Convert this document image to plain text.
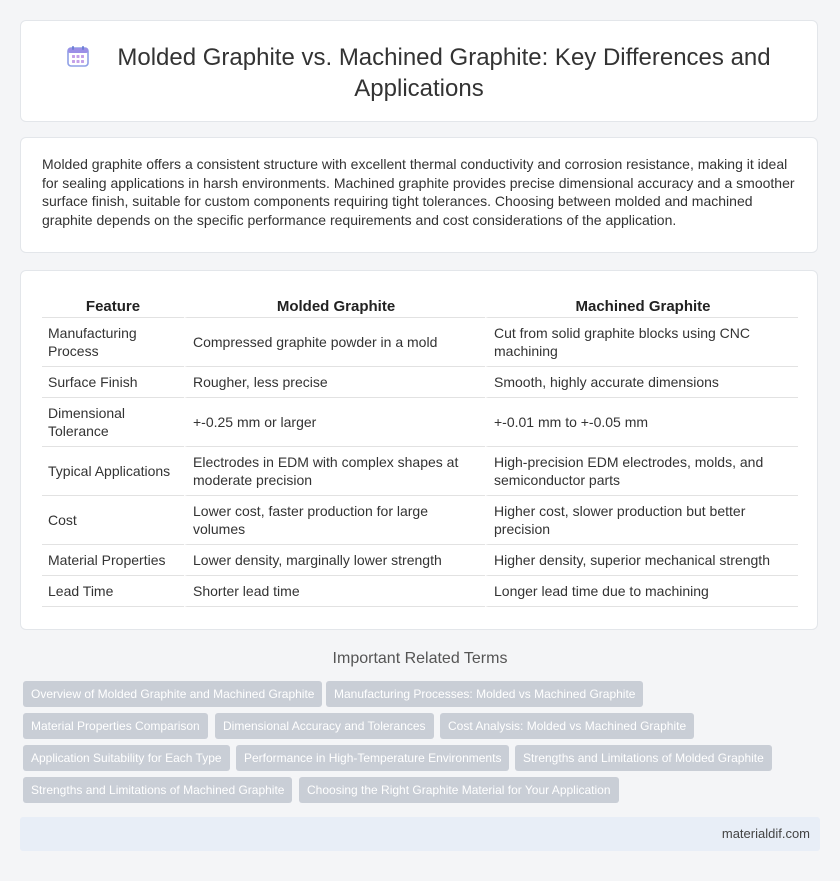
Molded Graphite vs. Machined Graphite: Key Differences and Applications
Molded graphite offers a consistent structure with excellent thermal conductivity and corrosion resistance, making it ideal for sealing applications in harsh environments. Machined graphite provides precise dimensional accuracy and a smoother surface finish, suitable for custom components requiring tight tolerances. Choosing between molded and machined graphite depends on the specific performance requirements and cost considerations of the application.
Feature	Molded Graphite	Machined Graphite
Manufacturing Process	Compressed graphite powder in a mold	Cut from solid graphite blocks using CNC machining
Surface Finish	Rougher, less precise	Smooth, highly accurate dimensions
Dimensional Tolerance	+-0.25 mm or larger	+-0.01 mm to +-0.05 mm
Typical Applications	Electrodes in EDM with complex shapes at moderate precision	High-precision EDM electrodes, molds, and semiconductor parts
Cost	Lower cost, faster production for large volumes	Higher cost, slower production but better precision
Material Properties	Lower density, marginally lower strength	Higher density, superior mechanical strength
Lead Time	Shorter lead time	Longer lead time due to machining
Important Related Terms
Overview of Molded Graphite and Machined Graphite	Manufacturing Processes: Molded vs Machined Graphite
Material Properties Comparison	Dimensional Accuracy and Tolerances	Cost Analysis: Molded vs Machined Graphite
Application Suitability for Each Type	Performance in High-Temperature Environments	Strengths and Limitations of Molded Graphite
Strengths and Limitations of Machined Graphite	Choosing the Right Graphite Material for Your Application
materialdif.com
